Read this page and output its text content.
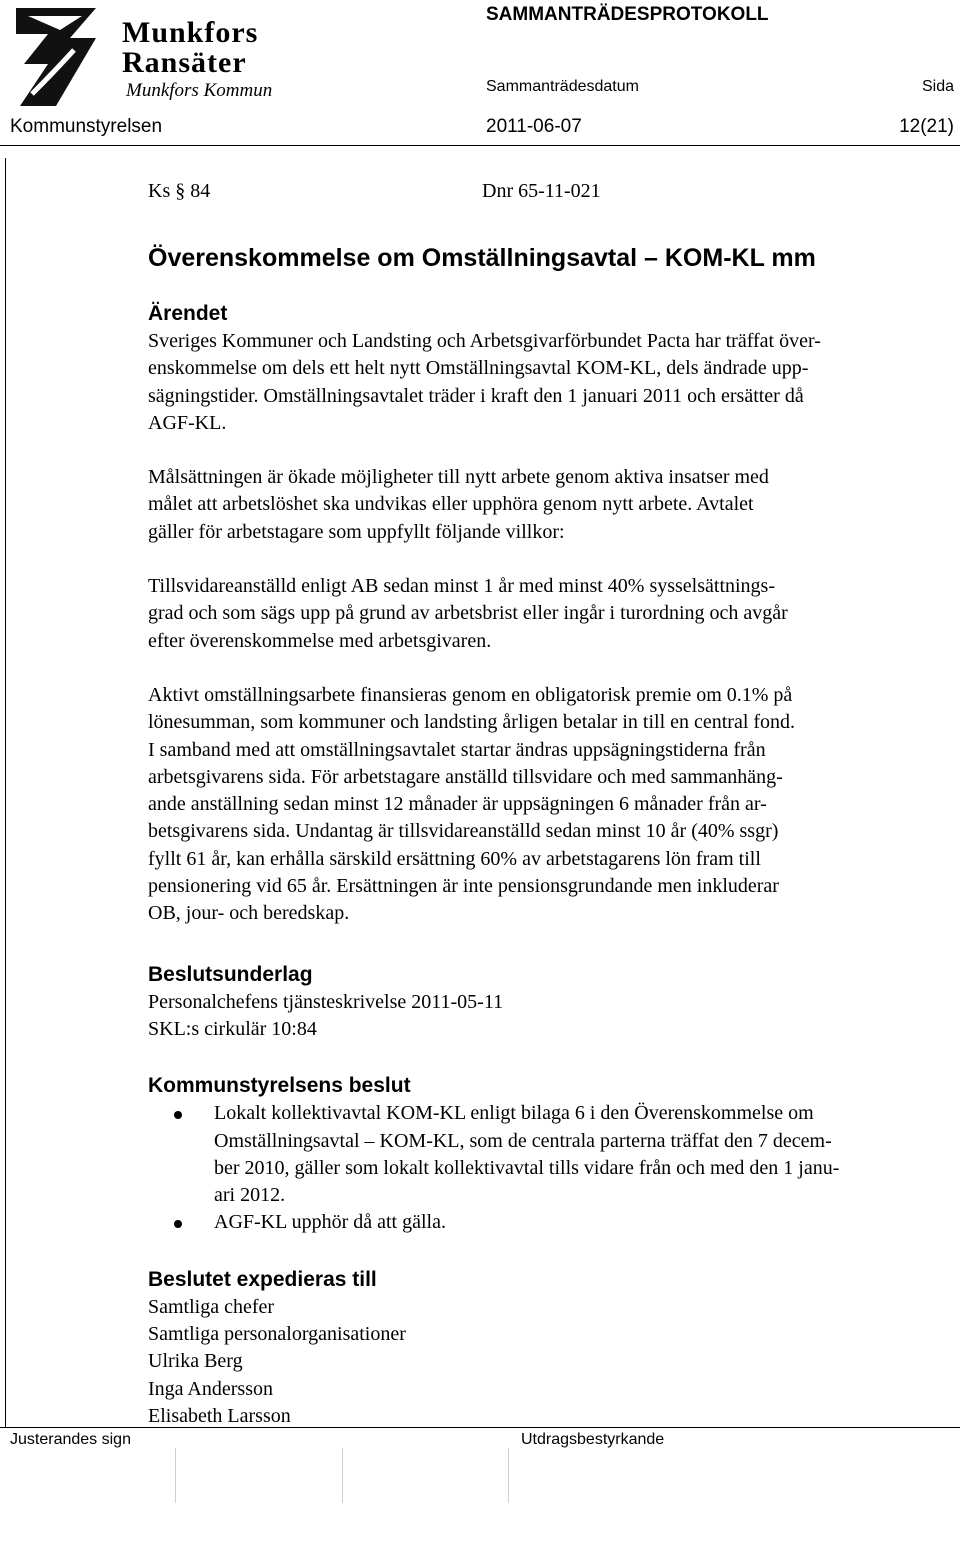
Munkfors
Ransäter
Munkfors Kommun
SAMMANTRÄDESPROTOKOLL
Sammanträdesdatum	Sida
Kommunstyrelsen	2011-06-07	12(21)
Ks § 84	Dnr 65-11-021
Överenskommelse om Omställningsavtal – KOM-KL mm
Ärendet

Sveriges Kommuner och Landsting och Arbetsgivarförbundet Pacta har träffat över-
enskommelse om dels ett helt nytt Omställningsavtal KOM-KL, dels ändrade upp-
sägningstider. Omställningsavtalet träder i kraft den 1 januari 2011 och ersätter då
AGF-KL.

Målsättningen är ökade möjligheter till nytt arbete genom aktiva insatser med
målet att arbetslöshet ska undvikas eller upphöra genom nytt arbete. Avtalet
gäller för arbetstagare som uppfyllt följande villkor:

Tillsvidareanställd enligt AB sedan minst 1 år med minst 40% sysselsättnings-
grad och som sägs upp på grund av arbetsbrist eller ingår i turordning och avgår
efter överenskommelse med arbetsgivaren.

Aktivt omställningsarbete finansieras genom en obligatorisk premie om 0.1% på
lönesumman, som kommuner och landsting årligen betalar in till en central fond.
I samband med att omställningsavtalet startar ändras uppsägningstiderna från
arbetsgivarens sida. För arbetstagare anställd tillsvidare och med sammanhäng-
ande anställning sedan minst 12 månader är uppsägningen 6 månader från ar-
betsgivarens sida. Undantag är tillsvidareanställd sedan minst 10 år (40% ssgr)
fyllt 61 år, kan erhålla särskild ersättning 60% av arbetstagarens lön fram till
pensionering vid 65 år. Ersättningen är inte pensionsgrundande men inkluderar
OB, jour- och beredskap.

Beslutsunderlag
Personalchefens tjänsteskrivelse 2011-05-11
SKL:s cirkulär 10:84
Kommunstyrelsens beslut
Lokalt kollektivavtal KOM-KL enligt bilaga 6 i den Överenskommelse om
Omställningsavtal – KOM-KL, som de centrala parterna träffat den 7 decem-
ber 2010, gäller som lokalt kollektivavtal tills vidare från och med den 1 janu-
ari 2012.
AGF-KL upphör då att gälla.
Beslutet expedieras till
Samtliga chefer
Samtliga personalorganisationer
Ulrika Berg
Inga Andersson
Elisabeth Larsson
Justerandes sign	Utdragsbestyrkande
